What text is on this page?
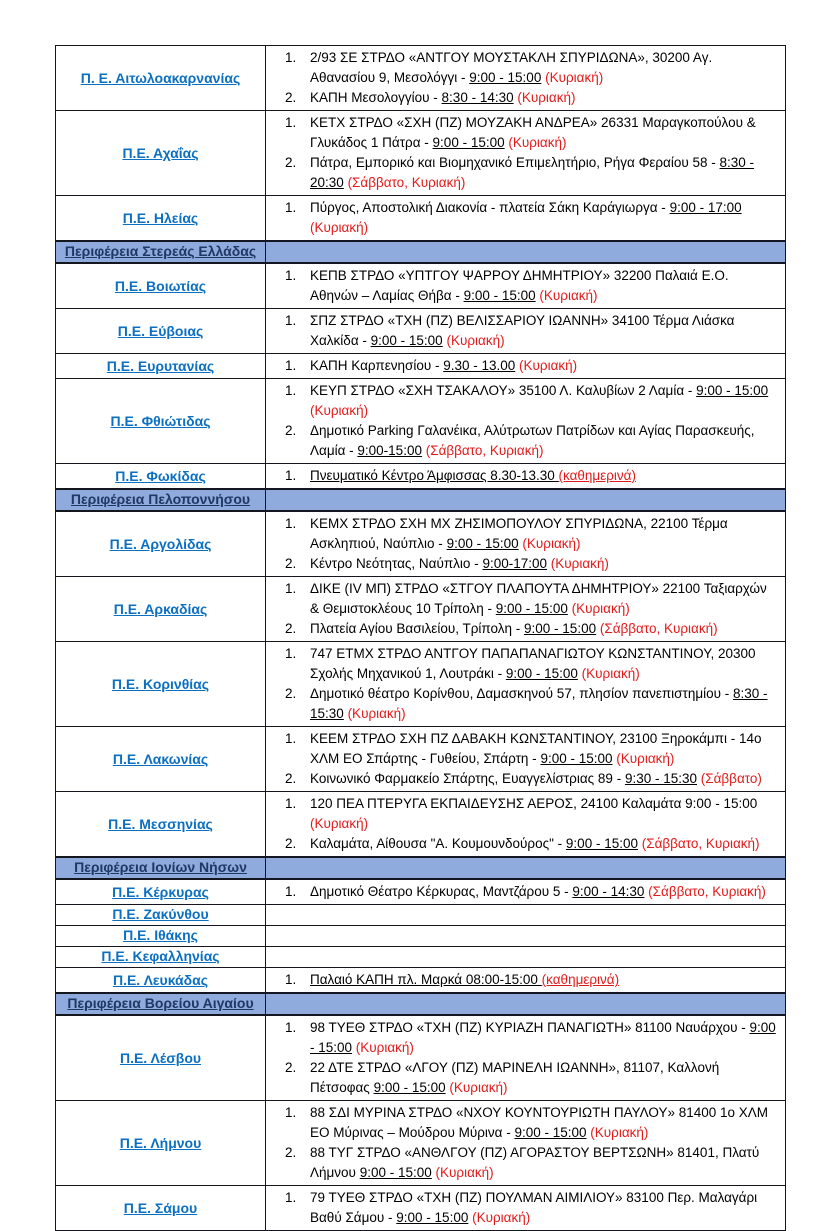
Π. Ε. Αιτωλοακαρνανίας	1. 2/93 ΣΕ ΣΤΡΔΟ «ΑΝΤΓΟΥ ΜΟΥΣΤΑΚΛΗ ΣΠΥΡΙΔΩΝΑ», 30200 Αγ. Αθανασίου 9, Μεσολόγγι - 9:00 - 15:00 (Κυριακή)
2. ΚΑΠΗ Μεσολογγίου - 8:30 - 14:30 (Κυριακή)

Π.Ε. Αχαΐας	1. ΚΕΤΧ ΣΤΡΔΟ «ΣΧΗ (ΠΖ) ΜΟΥΖΑΚΗ ΑΝΔΡΕΑ» 26331 Μαραγκοπούλου & Γλυκάδος 1 Πάτρα - 9:00 - 15:00 (Κυριακή)
2. Πάτρα, Εμπορικό και Βιομηχανικό Επιμελητήριο, Ρήγα Φεραίου 58 - 8:30 - 20:30 (Σάββατο, Κυριακή)

Π.Ε. Ηλείας	1. Πύργος, Αποστολική Διακονία - πλατεία Σάκη Καράγιωργα - 9:00 - 17:00 (Κυριακή)

Περιφέρεια Στερεάς Ελλάδας	
Π.Ε. Βοιωτίας	1. ΚΕΠΒ ΣΤΡΔΟ «ΥΠΤΓΟΥ ΨΑΡΡΟΥ ΔΗΜΗΤΡΙΟΥ» 32200 Παλαιά Ε.Ο. Αθηνών – Λαμίας Θήβα - 9:00 - 15:00 (Κυριακή)

Π.Ε. Εύβοιας	1. ΣΠΖ ΣΤΡΔΟ «ΤΧΗ (ΠΖ) ΒΕΛΙΣΣΑΡΙΟΥ ΙΩΑΝΝΗ» 34100 Τέρμα Λιάσκα Χαλκίδα - 9:00 - 15:00 (Κυριακή)

Π.Ε. Ευρυτανίας	1. ΚΑΠΗ Καρπενησίου - 9.30 - 13.00 (Κυριακή)

Π.Ε. Φθιώτιδας	1. ΚΕΥΠ ΣΤΡΔΟ «ΣΧΗ ΤΣΑΚΑΛΟΥ» 35100 Λ. Καλυβίων 2 Λαμία - 9:00 - 15:00 (Κυριακή)
2. Δημοτικό Parking Γαλανέικα, Αλύτρωτων Πατρίδων και Αγίας Παρασκευής, Λαμία - 9:00-15:00 (Σάββατο, Κυριακή)

Π.Ε. Φωκίδας	1. Πνευματικό Κέντρο Άμφισσας 8.30-13.30 (καθημερινά)

Περιφέρεια Πελοποννήσου	
Π.Ε. Αργολίδας	1. ΚΕΜΧ ΣΤΡΔΟ ΣΧΗ ΜΧ ΖΗΣΙΜΟΠΟΥΛΟΥ ΣΠΥΡΙΔΩΝΑ, 22100 Τέρμα Ασκληπιού, Ναύπλιο - 9:00 - 15:00 (Κυριακή)
2. Κέντρο Νεότητας, Ναύπλιο - 9:00-17:00 (Κυριακή)

Π.Ε. Αρκαδίας	1. ΔΙΚΕ (IV ΜΠ) ΣΤΡΔΟ «ΣΤΓΟΥ ΠΛΑΠΟΥΤΑ ΔΗΜΗΤΡΙΟΥ» 22100 Ταξιαρχών & Θεμιστοκλέους 10 Τρίπολη - 9:00 - 15:00 (Κυριακή)
2. Πλατεία Αγίου Βασιλείου, Τρίπολη - 9:00 - 15:00 (Σάββατο, Κυριακή)

Π.Ε. Κορινθίας	1. 747 ΕΤΜΧ ΣΤΡΔΟ ΑΝΤΓΟΥ ΠΑΠΑΠΑΝΑΓΙΩΤΟΥ ΚΩΝΣΤΑΝΤΙΝΟΥ, 20300 Σχολής Μηχανικού 1, Λουτράκι - 9:00 - 15:00 (Κυριακή)
2. Δημοτικό θέατρο Κορίνθου, Δαμασκηνού 57, πλησίον πανεπιστημίου - 8:30 - 15:30 (Κυριακή)

Π.Ε. Λακωνίας	1. ΚΕΕΜ ΣΤΡΔΟ ΣΧΗ ΠΖ ΔΑΒΑΚΗ ΚΩΝΣΤΑΝΤΙΝΟΥ, 23100 Ξηροκάμπι - 14ο ΧΛΜ ΕΟ Σπάρτης - Γυθείου, Σπάρτη - 9:00 - 15:00 (Κυριακή)
2. Κοινωνικό Φαρμακείο Σπάρτης, Ευαγγελίστριας 89 - 9:30 - 15:30 (Σάββατο)

Π.Ε. Μεσσηνίας	1. 120 ΠΕΑ ΠΤΕΡΥΓΑ ΕΚΠΑΙΔΕΥΣΗΣ ΑΕΡΟΣ, 24100 Καλαμάτα 9:00 - 15:00 (Κυριακή)
2. Καλαμάτα, Αίθουσα "Α. Κουμουνδούρος" - 9:00 - 15:00 (Σάββατο, Κυριακή)

Περιφέρεια Ιονίων Νήσων	
Π.Ε. Κέρκυρας	1. Δημοτικό Θέατρο Κέρκυρας, Μαντζάρου 5 - 9:00 - 14:30 (Σάββατο, Κυριακή)

Π.Ε. Ζακύνθου	
Π.Ε. Ιθάκης	
Π.Ε. Κεφαλληνίας	
Π.Ε. Λευκάδας	1. Παλαιό ΚΑΠΗ πλ. Μαρκά 08:00-15:00 (καθημερινά)

Περιφέρεια Βορείου Αιγαίου	
Π.Ε. Λέσβου	1. 98 ΤΥΕΘ ΣΤΡΔΟ «ΤΧΗ (ΠΖ) ΚΥΡΙΑΖΗ ΠΑΝΑΓΙΩΤΗ» 81100 Ναυάρχου - 9:00 - 15:00 (Κυριακή)
2. 22 ΔΤΕ ΣΤΡΔΟ «ΛΓΟΥ (ΠΖ) ΜΑΡΙΝΕΛΗ ΙΩΑΝΝΗ», 81107, Καλλονή Πέτσοφας 9:00 - 15:00 (Κυριακή)

Π.Ε. Λήμνου	1. 88 ΣΔΙ ΜΥΡΙΝΑ ΣΤΡΔΟ «ΝΧΟΥ ΚΟΥΝΤΟΥΡΙΩΤΗ ΠΑΥΛΟΥ» 81400 1ο ΧΛΜ ΕΟ Μύρινας – Μούδρου Μύρινα - 9:00 - 15:00 (Κυριακή)
2. 88 ΤΥΓ ΣΤΡΔΟ «ΑΝΘΛΓΟΥ (ΠΖ) ΑΓΟΡΑΣΤΟΥ ΒΕΡΤΣΩΝΗ» 81401, Πλατύ Λήμνου 9:00 - 15:00 (Κυριακή)

Π.Ε. Σάμου	1. 79 ΤΥΕΘ ΣΤΡΔΟ «ΤΧΗ (ΠΖ) ΠΟΥΛΜΑΝ ΑΙΜΙΛΙΟΥ» 83100 Περ. Μαλαγάρι Βαθύ Σάμου - 9:00 - 15:00 (Κυριακή)
